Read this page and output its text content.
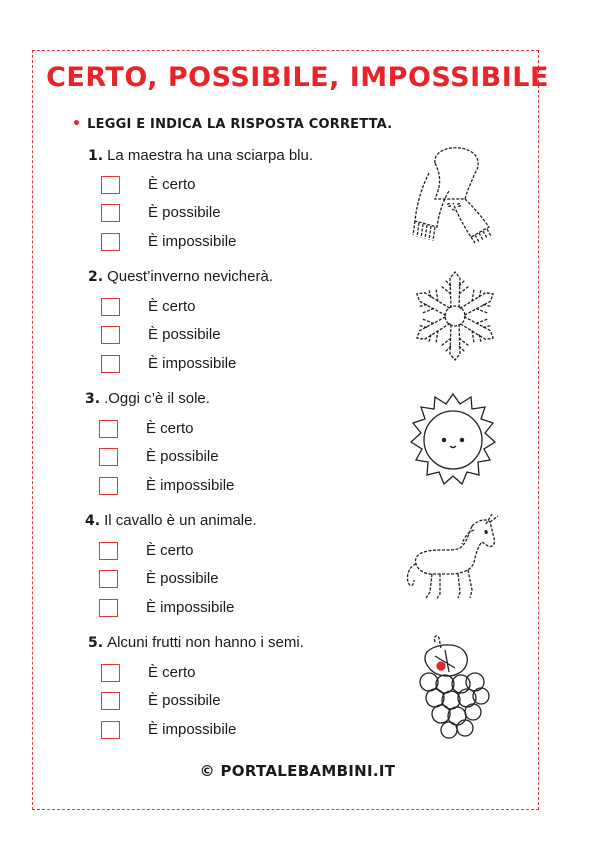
CERTO, POSSIBILE, IMPOSSIBILE
• LEGGI E INDICA LA RISPOSTA CORRETTA.
1. La maestra ha una sciarpa blu.
È certo
È possibile
È impossibile
2. Quest’inverno nevicherà.
È certo
È possibile
È impossibile
3. .Oggi c’è il sole.
È certo
È possibile
È impossibile
4. Il cavallo è un animale.
È certo
È possibile
È impossibile
5. Alcuni frutti non hanno i semi.
È certo
È possibile
È impossibile
© PORTALEBAMBINI.IT
